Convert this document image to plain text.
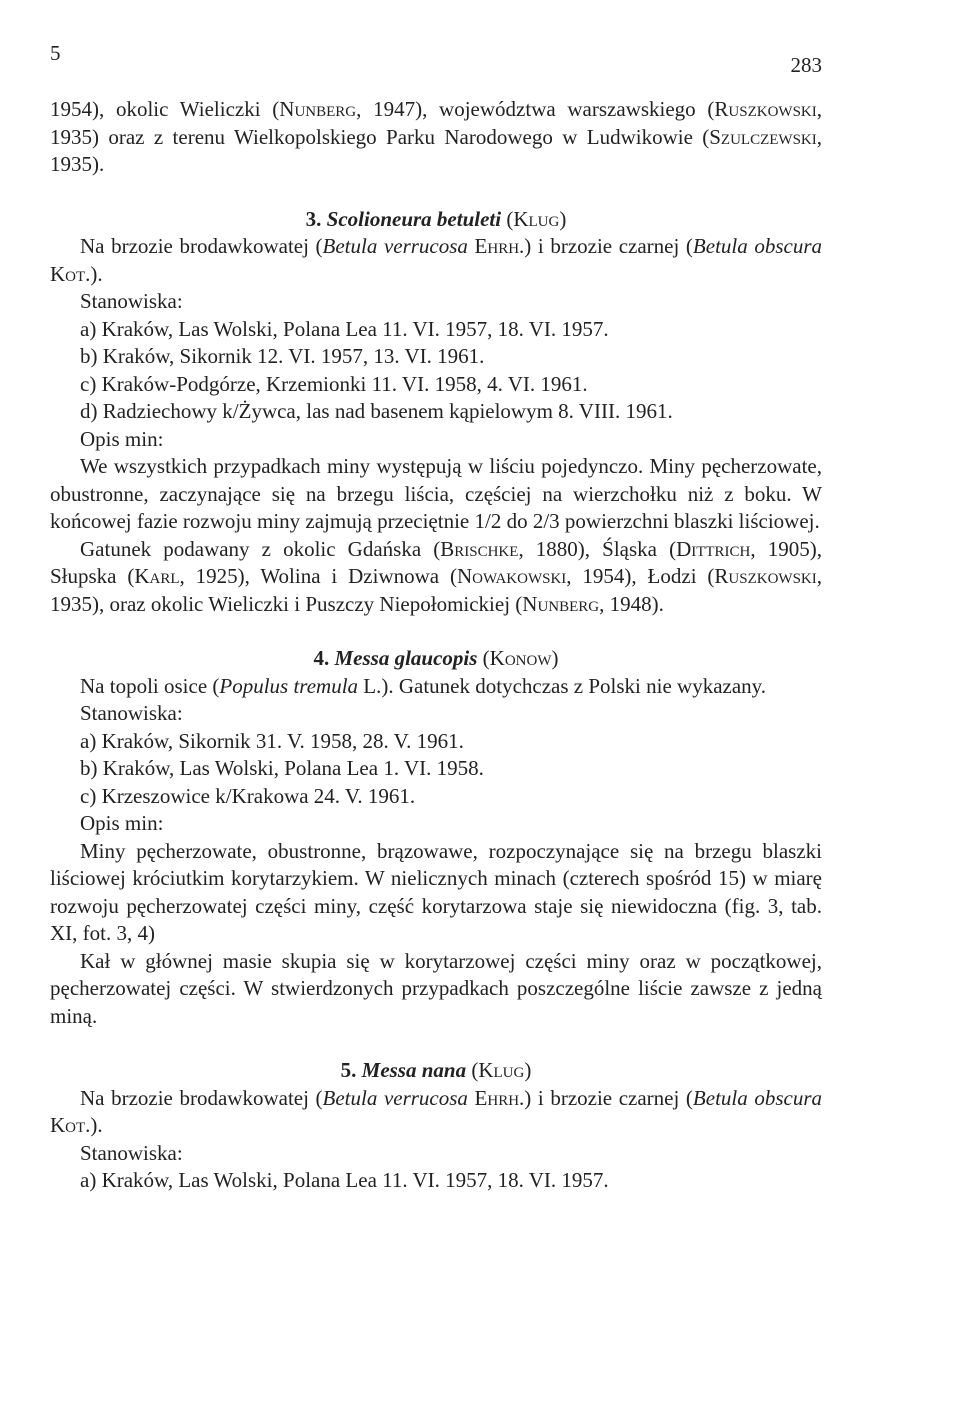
5	283

1954), okolic Wieliczki (Nunberg, 1947), województwa warszawskiego (Ruszkowski, 1935) oraz z terenu Wielkopolskiego Parku Narodowego w Ludwikowie (Szulczewski, 1935).

3. Scolioneura betuleti (Klug)

Na brzozie brodawkowatej (Betula verrucosa Ehrh.) i brzozie czarnej (Betula obscura Kot.).

Stanowiska:

a) Kraków, Las Wolski, Polana Lea 11. VI. 1957, 18. VI. 1957.

b) Kraków, Sikornik 12. VI. 1957, 13. VI. 1961.

c) Kraków-Podgórze, Krzemionki 11. VI. 1958, 4. VI. 1961.

d) Radziechowy k/Żywca, las nad basenem kąpielowym 8. VIII. 1961.

Opis min:

We wszystkich przypadkach miny występują w liściu pojedynczo. Miny pęcherzowate, obustronne, zaczynające się na brzegu liścia, częściej na wierzchołku niż z boku. W końcowej fazie rozwoju miny zajmują przeciętnie 1/2 do 2/3 powierzchni blaszki liściowej.

Gatunek podawany z okolic Gdańska (Brischke, 1880), Śląska (Dittrich, 1905), Słupska (Karl, 1925), Wolina i Dziwnowa (Nowakowski, 1954), Łodzi (Ruszkowski, 1935), oraz okolic Wieliczki i Puszczy Niepołomickiej (Nunberg, 1948).

4. Messa glaucopis (Konow)

Na topoli osice (Populus tremula L.). Gatunek dotychczas z Polski nie wykazany.

Stanowiska:

a) Kraków, Sikornik 31. V. 1958, 28. V. 1961.

b) Kraków, Las Wolski, Polana Lea 1. VI. 1958.

c) Krzeszowice k/Krakowa 24. V. 1961.

Opis min:

Miny pęcherzowate, obustronne, brązowawe, rozpoczynające się na brzegu blaszki liściowej króciutkim korytarzykiem. W nielicznych minach (czterech spośród 15) w miarę rozwoju pęcherzowatej części miny, część korytarzowa staje się niewidoczna (fig. 3, tab. XI, fot. 3, 4)

Kał w głównej masie skupia się w korytarzowej części miny oraz w początkowej, pęcherzowatej części. W stwierdzonych przypadkach poszczególne liście zawsze z jedną miną.

5. Messa nana (Klug)

Na brzozie brodawkowatej (Betula verrucosa Ehrh.) i brzozie czarnej (Betula obscura Kot.).

Stanowiska:

a) Kraków, Las Wolski, Polana Lea 11. VI. 1957, 18. VI. 1957.
